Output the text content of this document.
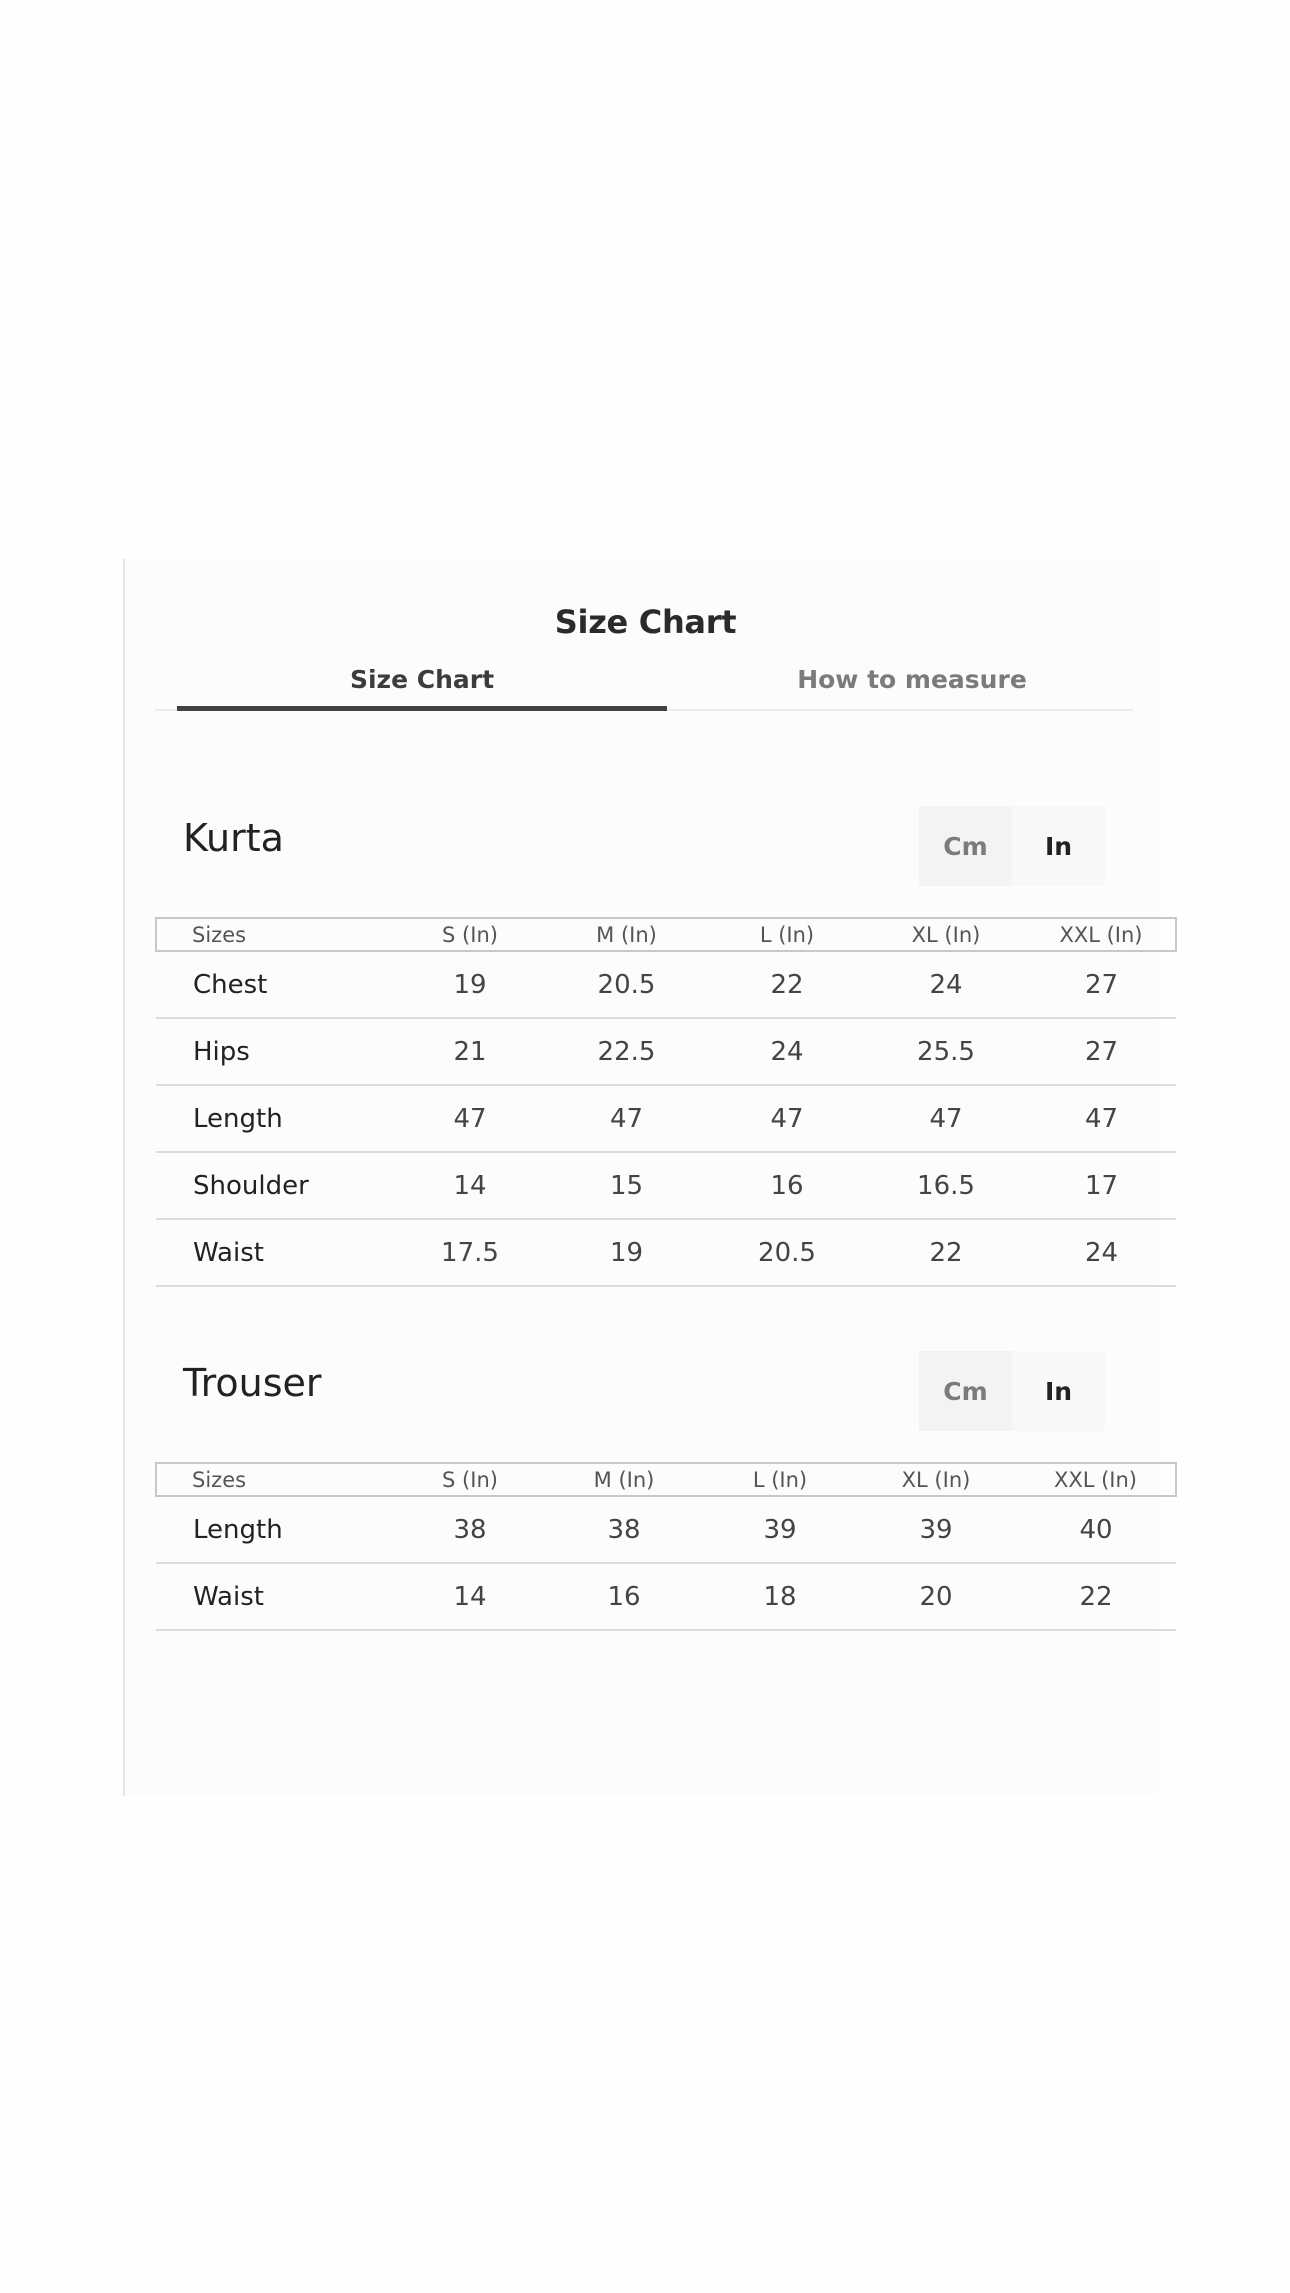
Size Chart
Size Chart	How to measure
Kurta	Cm	In
Sizes	S (In)	M (In)	L (In)	XL (In)	XXL (In)
Chest	19	20.5	22	24	27
Hips	21	22.5	24	25.5	27
Length	47	47	47	47	47
Shoulder	14	15	16	16.5	17
Waist	17.5	19	20.5	22	24
Trouser	Cm	In
Sizes	S (In)	M (In)	L (In)	XL (In)	XXL (In)
Length	38	38	39	39	40
Waist	14	16	18	20	22
